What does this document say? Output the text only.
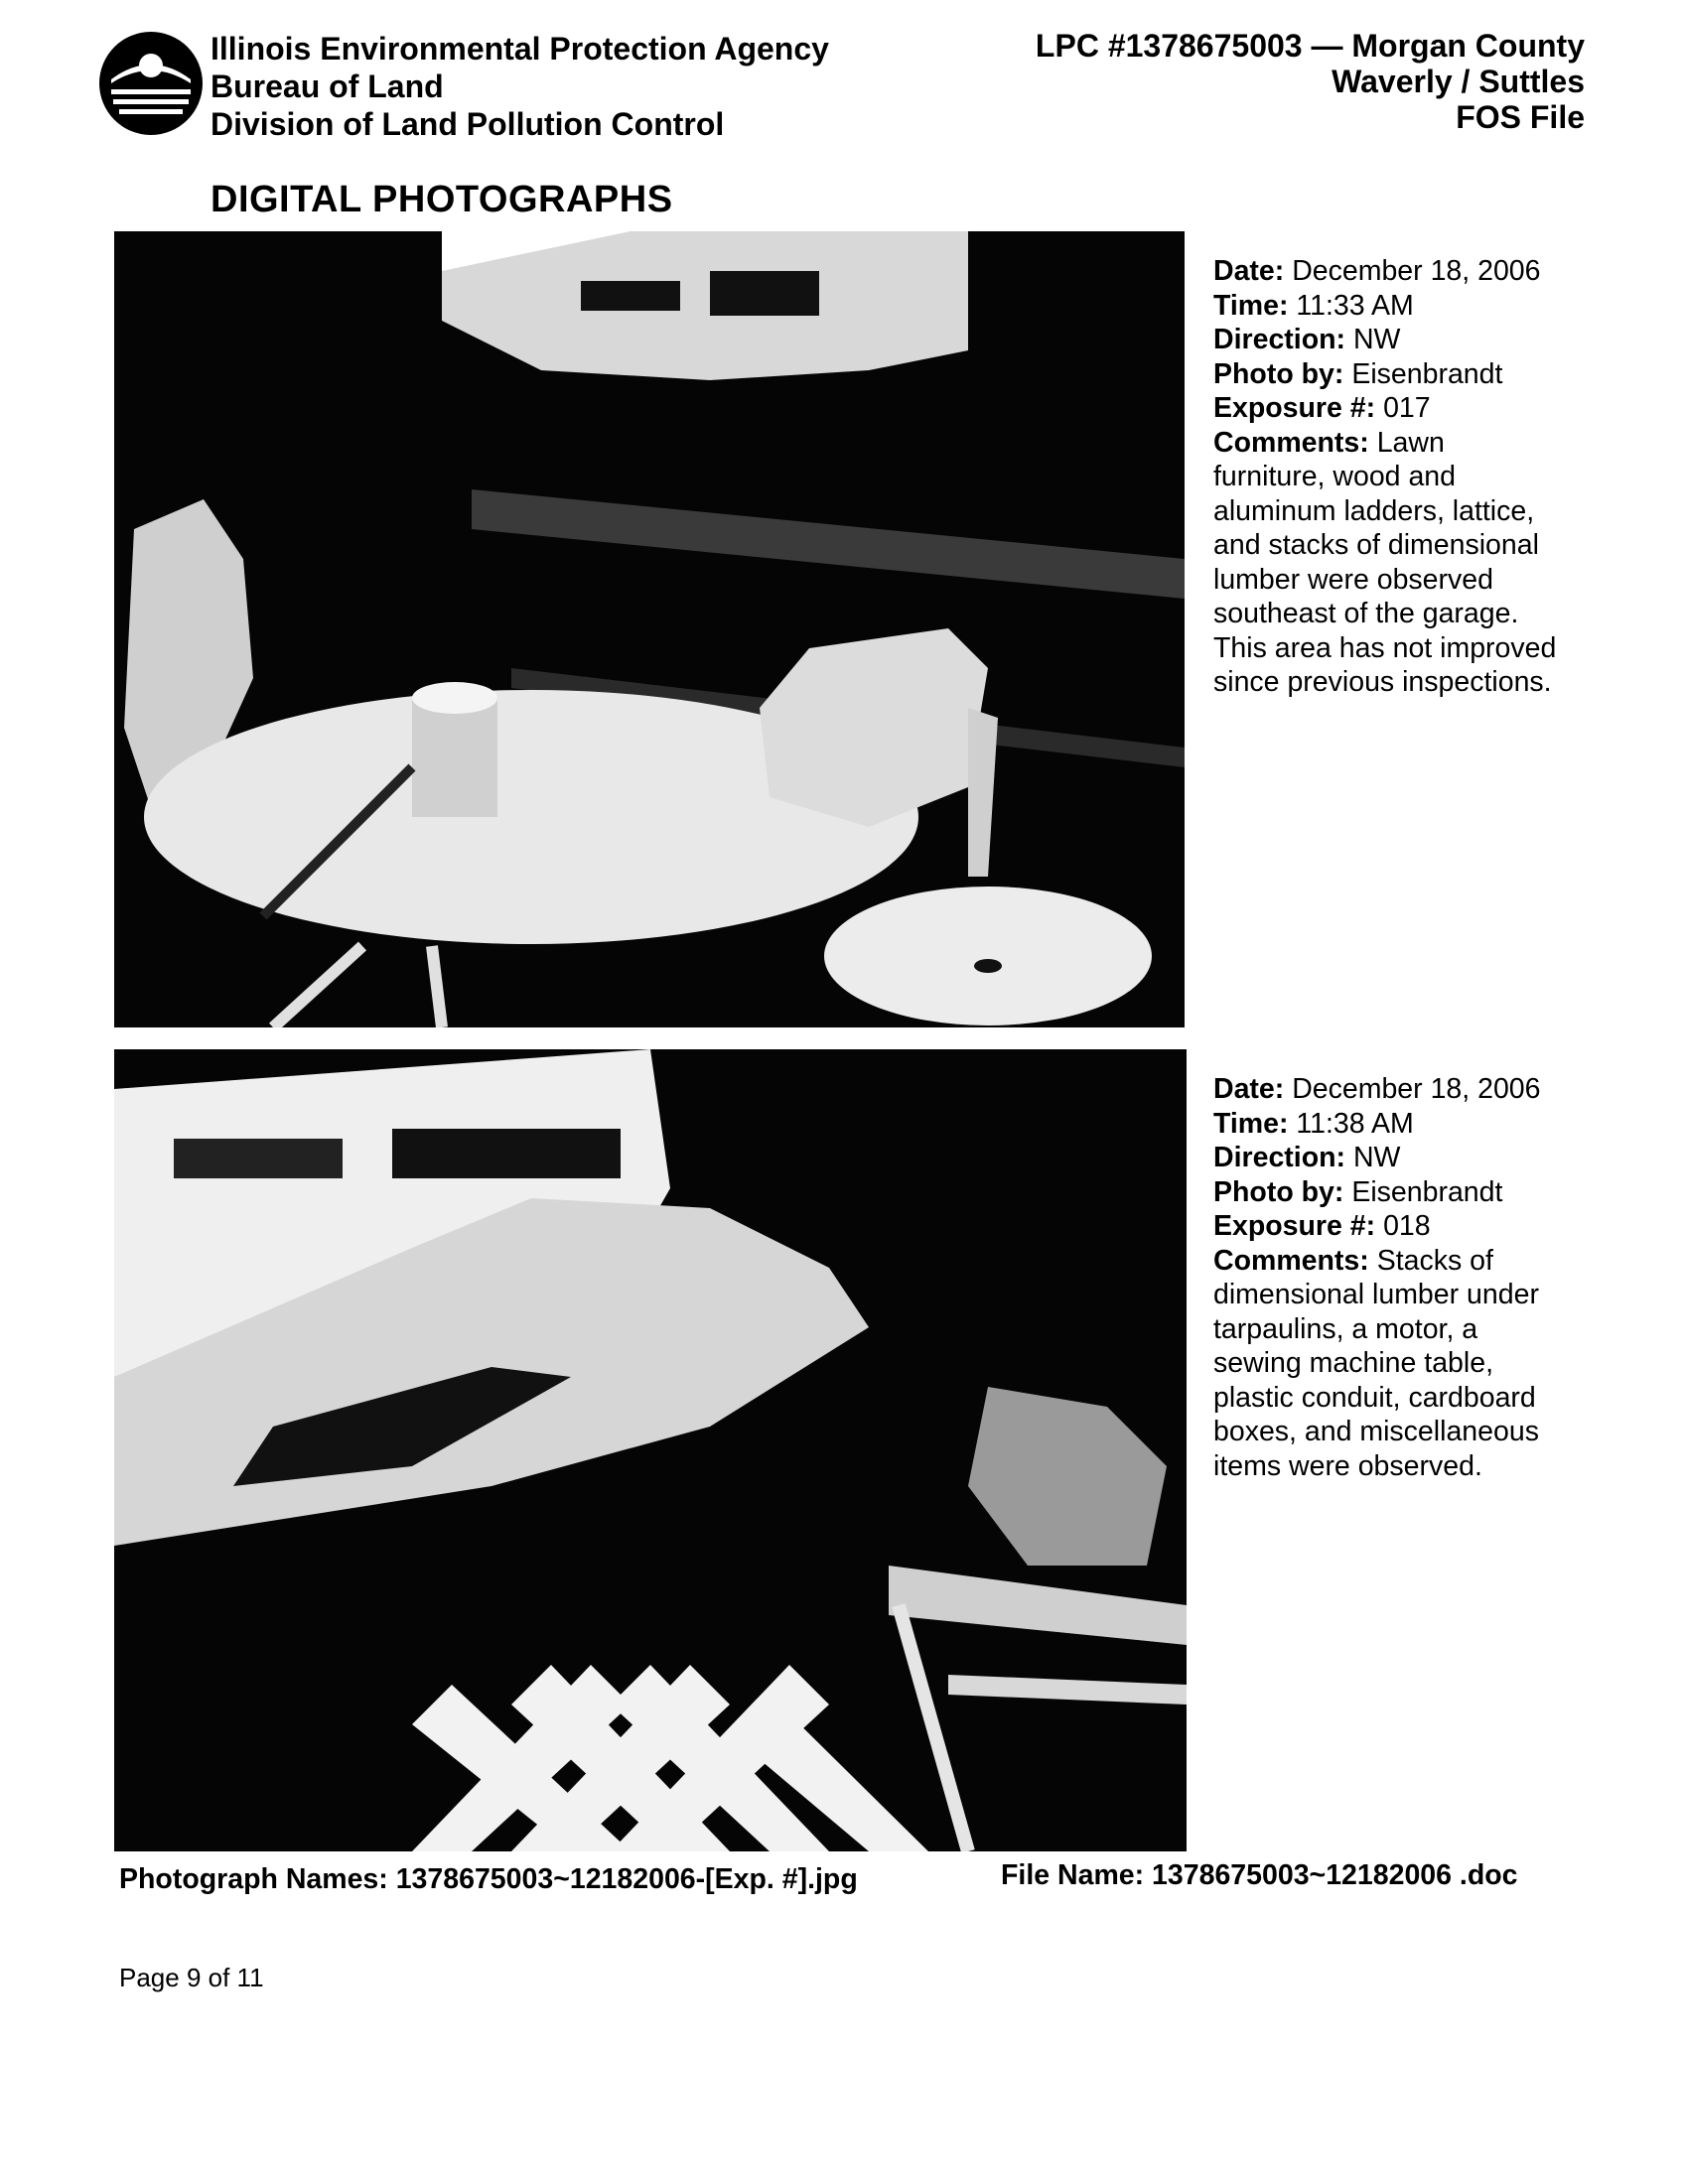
Illinois Environmental Protection Agency
Bureau of Land
Division of Land Pollution Control
LPC #1378675003 — Morgan County
Waverly / Suttles
FOS File
DIGITAL PHOTOGRAPHS
Date: December 18, 2006
Time: 11:33 AM
Direction: NW
Photo by: Eisenbrandt
Exposure #: 017
Comments: Lawn furniture, wood and aluminum ladders, lattice, and stacks of dimensional lumber were observed southeast of the garage. This area has not improved since previous inspections.
Date: December 18, 2006
Time: 11:38 AM
Direction: NW
Photo by: Eisenbrandt
Exposure #: 018
Comments: Stacks of dimensional lumber under tarpaulins, a motor, a sewing machine table, plastic conduit, cardboard boxes, and miscellaneous items were observed.
Photograph Names: 1378675003~12182006-[Exp. #].jpg	File Name: 1378675003~12182006 .doc
Page 9 of 11
